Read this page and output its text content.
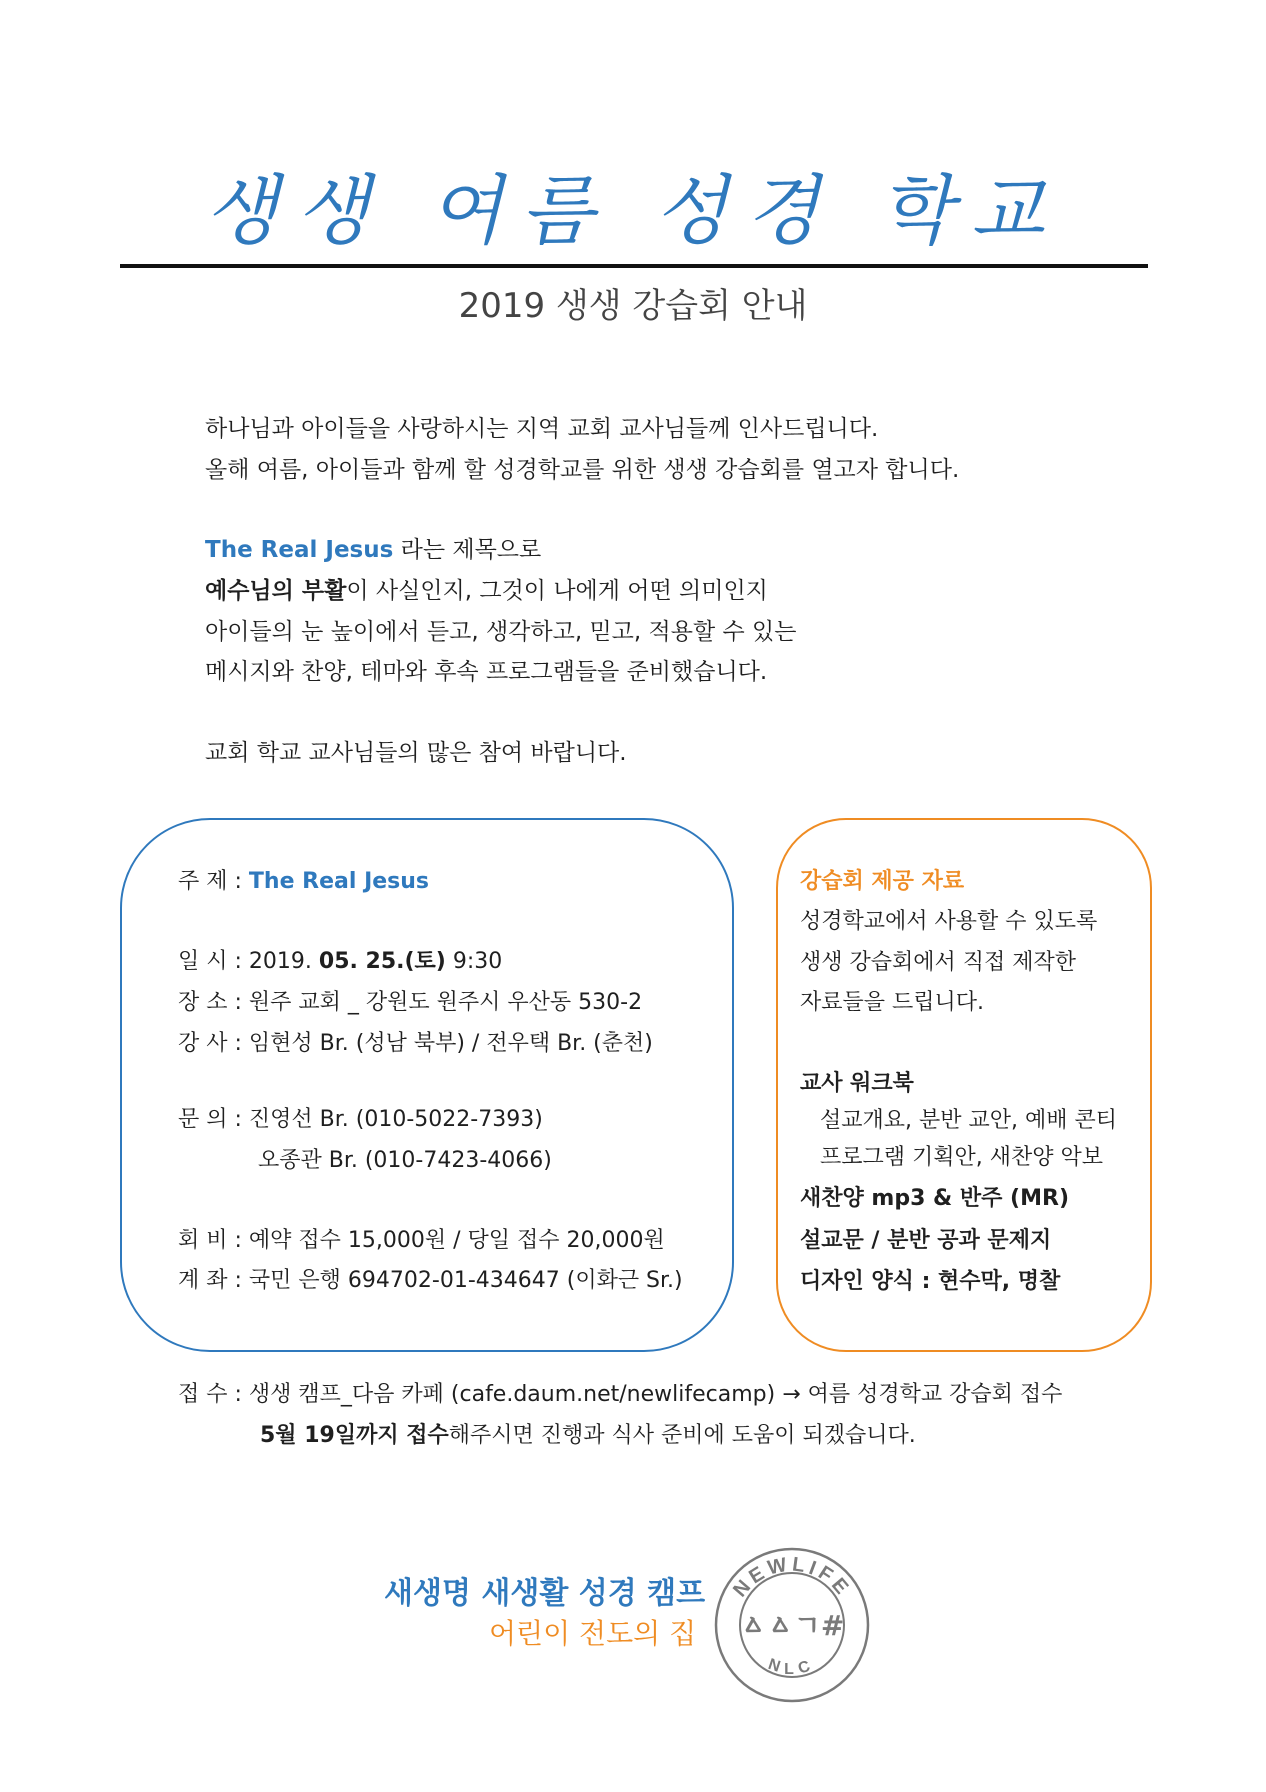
생생 여름 성경 학교
2019 생생 강습회 안내
하나님과 아이들을 사랑하시는 지역 교회 교사님들께 인사드립니다.
올해 여름, 아이들과 함께 할 성경학교를 위한 생생 강습회를 열고자 합니다.
The Real Jesus 라는 제목으로
예수님의 부활이 사실인지, 그것이 나에게 어떤 의미인지
아이들의 눈 높이에서 듣고, 생각하고, 믿고, 적용할 수 있는
메시지와 찬양, 테마와 후속 프로그램들을 준비했습니다.
교회 학교 교사님들의 많은 참여 바랍니다.
주 제 : The Real Jesus
일 시 : 2019. 05. 25.(토) 9:30
장 소 : 원주 교회 _ 강원도 원주시 우산동 530-2
강 사 : 임현성 Br. (성남 북부) / 전우택 Br. (춘천)
문 의 : 진영선 Br. (010-5022-7393)
오종관 Br. (010-7423-4066)
회 비 : 예약 접수 15,000원 / 당일 접수 20,000원
계 좌 : 국민 은행 694702-01-434647 (이화근 Sr.)
강습회 제공 자료
성경학교에서 사용할 수 있도록
생생 강습회에서 직접 제작한
자료들을 드립니다.
교사 워크북
설교개요, 분반 교안, 예배 콘티
프로그램 기획안, 새찬양 악보
새찬양 mp3 & 반주 (MR)
설교문 / 분반 공과 문제지
디자인 양식 : 현수막, 명찰
접 수 : 생생 캠프_다음 카페 (cafe.daum.net/newlifecamp) → 여름 성경학교 강습회 접수
5월 19일까지 접수해주시면 진행과 식사 준비에 도움이 되겠습니다.
새생명 새생활 성경 캠프
어린이 전도의 집
NEWLIFE
NLC
ㅿㅿㄱ#
